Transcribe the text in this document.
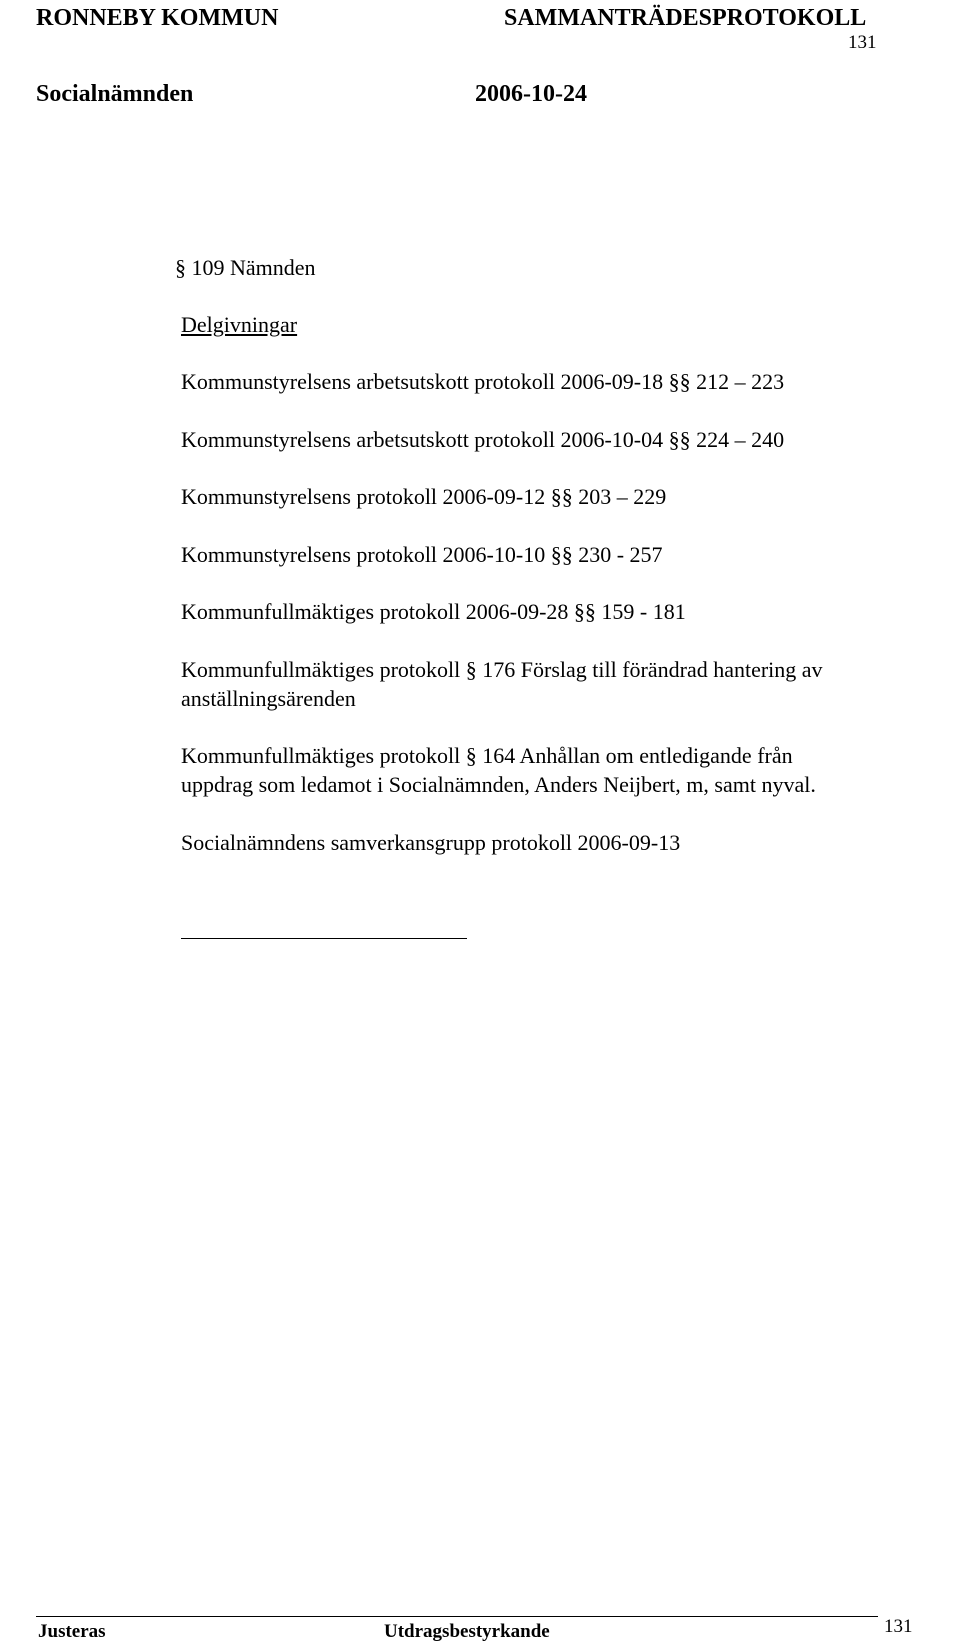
RONNEBY KOMMUN	SAMMANTRÄDESPROTOKOLL
131
Socialnämnden	2006-10-24
§ 109 Nämnden
Delgivningar
Kommunstyrelsens arbetsutskott protokoll 2006-09-18 §§ 212 – 223
Kommunstyrelsens arbetsutskott protokoll 2006-10-04 §§ 224 – 240
Kommunstyrelsens protokoll 2006-09-12 §§ 203 – 229
Kommunstyrelsens protokoll 2006-10-10 §§ 230 - 257
Kommunfullmäktiges protokoll 2006-09-28 §§ 159 - 181
Kommunfullmäktiges protokoll § 176 Förslag till förändrad hantering av
anställningsärenden
Kommunfullmäktiges protokoll § 164 Anhållan om entledigande från
uppdrag som ledamot i Socialnämnden, Anders Neijbert, m, samt nyval.
Socialnämndens samverkansgrupp protokoll 2006-09-13
Justeras	Utdragsbestyrkande	131
